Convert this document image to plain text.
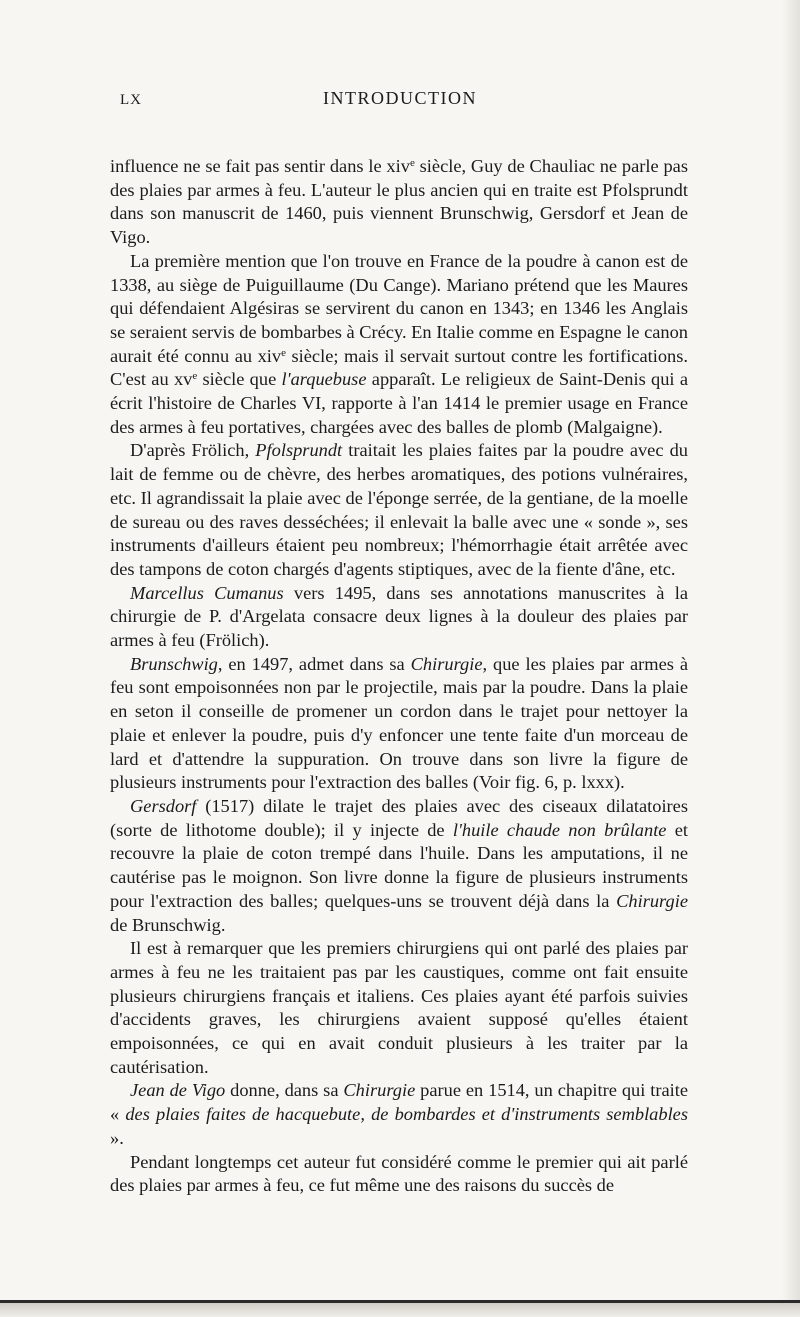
LX	INTRODUCTION

influence ne se fait pas sentir dans le xiv$^e$ siècle, Guy de Chauliac ne parle pas des plaies par armes à feu. L'auteur le plus ancien qui en traite est Pfolsprundt dans son manuscrit de 1460, puis viennent Brunschwig, Gersdorf et Jean de Vigo.

La première mention que l'on trouve en France de la poudre à canon est de 1338, au siège de Puiguillaume (Du Cange). Mariano prétend que les Maures qui défendaient Algésiras se servirent du canon en 1343; en 1346 les Anglais se seraient servis de bombarbes à Crécy. En Italie comme en Espagne le canon aurait été connu au xiv$^e$ siècle; mais il servait surtout contre les fortifications. C'est au $xv^e$ siècle que l'arquebuse apparaît. Le religieux de Saint-Denis qui a écrit l'histoire de Charles VI, rapporte à l'an 1414 le premier usage en France des armes à feu portatives, chargées avec des balles de plomb (Malgaigne).

D'après Frölich, Pfolsprundt traitait les plaies faites par la poudre avec du lait de femme ou de chèvre, des herbes aromatiques, des potions vulnéraires, etc. Il agrandissait la plaie avec de l'éponge serrée, de la gentiane, de la moelle de sureau ou des raves desséchées; il enlevait la balle avec une « sonde », ses instruments d'ailleurs étaient peu nombreux; l'hémorrhagie était arrêtée avec des tampons de coton chargés d'agents stiptiques, avec de la fiente d'âne, etc.

Marcellus Cumanus vers 1495, dans ses annotations manuscrites à la chirurgie de P. d'Argelata consacre deux lignes à la douleur des plaies par armes à feu (Frölich).

Brunschwig, en 1497, admet dans sa Chirurgie, que les plaies par armes à feu sont empoisonnées non par le projectile, mais par la poudre. Dans la plaie en seton il conseille de promener un cordon dans le trajet pour nettoyer la plaie et enlever la poudre, puis d'y enfoncer une tente faite d'un morceau de lard et d'attendre la suppuration. On trouve dans son livre la figure de plusieurs instruments pour l'extraction des balles (Voir fig. 6, p. lxxx).

Gersdorf (1517) dilate le trajet des plaies avec des ciseaux dilatatoires (sorte de lithotome double); il y injecte de l'huile chaude non brûlante et recouvre la plaie de coton trempé dans l'huile. Dans les amputations, il ne cautérise pas le moignon. Son livre donne la figure de plusieurs instruments pour l'extraction des balles; quelques-uns se trouvent déjà dans la Chirurgie de Brunschwig.

Il est à remarquer que les premiers chirurgiens qui ont parlé des plaies par armes à feu ne les traitaient pas par les caustiques, comme ont fait ensuite plusieurs chirurgiens français et italiens. Ces plaies ayant été parfois suivies d'accidents graves, les chirurgiens avaient supposé qu'elles étaient empoisonnées, ce qui en avait conduit plusieurs à les traiter par la cautérisation.

Jean de Vigo donne, dans sa Chirurgie parue en 1514, un chapitre qui traite « des plaies faites de hacquebute, de bombardes et d'instruments semblables ».

Pendant longtemps cet auteur fut considéré comme le premier qui ait parlé des plaies par armes à feu, ce fut même une des raisons du succès de
